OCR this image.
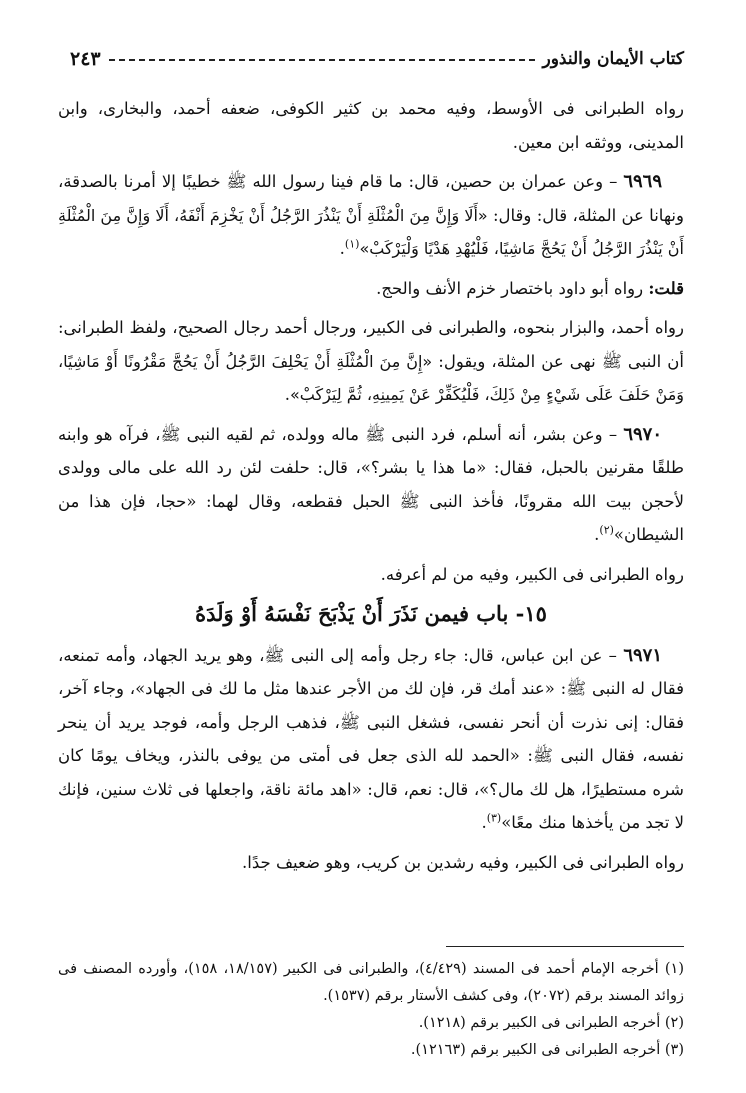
كتاب الأيمان والنذور
٢٤٣

رواه الطبرانى فى الأوسط، وفيه محمد بن كثير الكوفى، ضعفه أحمد، والبخارى، وابن المدينى، ووثقه ابن معين.

٦٩٦٩ – وعن عمران بن حصين، قال: ما قام فينا رسول الله ﷺ خطيبًا إلا أمرنا بالصدقة، ونهانا عن المثلة، قال: وقال: «أَلَا وَإِنَّ مِنَ الْمُثْلَةِ أَنْ يَنْذُرَ الرَّجُلُ أَنْ يَخْزِمَ أَنْفَهُ، أَلَا وَإِنَّ مِنَ الْمُثْلَةِ أَنْ يَنْذُرَ الرَّجُلُ أَنْ يَحُجَّ مَاشِيًا، فَلْيُهْدِ هَدْيًا وَلْيَرْكَبْ»$^{(١)}$.

قلت: رواه أبو داود باختصار خزم الأنف والحج.

رواه أحمد، والبزار بنحوه، والطبرانى فى الكبير، ورجال أحمد رجال الصحيح، ولفظ الطبرانى: أن النبى ﷺ نهى عن المثلة، ويقول: «إِنَّ مِنَ الْمُثْلَةِ أَنْ يَحْلِفَ الرَّجُلُ أَنْ يَحُجَّ مَقْرُونًا أَوْ مَاشِيًا، وَمَنْ حَلَفَ عَلَى شَيْءٍ مِنْ ذَلِكَ، فَلْيُكَفِّرْ عَنْ يَمِينِهِ، ثُمَّ لِيَرْكَبْ».

٦٩٧٠ – وعن بشر، أنه أسلم، فرد النبى ﷺ ماله وولده، ثم لقيه النبى ﷺ، فرآه هو وابنه طلقًا مقرنين بالحبل، فقال: «ما هذا يا بشر؟»، قال: حلفت لئن رد الله على مالى وولدى لأحجن بيت الله مقرونًا، فأخذ النبى ﷺ الحبل فقطعه، وقال لهما: «حجا، فإن هذا من الشيطان»$^{(٢)}$.

رواه الطبرانى فى الكبير، وفيه من لم أعرفه.

١٥- باب فيمن نَذَرَ أَنْ يَذْبَحَ نَفْسَهُ أَوْ وَلَدَهُ

٦٩٧١ – عن ابن عباس، قال: جاء رجل وأمه إلى النبى ﷺ، وهو يريد الجهاد، وأمه تمنعه، فقال له النبى ﷺ: «عند أمك قر، فإن لك من الأجر عندها مثل ما لك فى الجهاد»، وجاء آخر، فقال: إنى نذرت أن أنحر نفسى، فشغل النبى ﷺ، فذهب الرجل وأمه، فوجد يريد أن ينحر نفسه، فقال النبى ﷺ: «الحمد لله الذى جعل فى أمتى من يوفى بالنذر، ويخاف يومًا كان شره مستطيرًا، هل لك مال؟»، قال: نعم، قال: «اهد مائة ناقة، واجعلها فى ثلاث سنين، فإنك لا تجد من يأخذها منك معًا»$^{(٣)}$.

رواه الطبرانى فى الكبير، وفيه رشدين بن كريب، وهو ضعيف جدًا.

(١) أخرجه الإمام أحمد فى المسند (٤/٤٢٩)، والطبرانى فى الكبير (١٨/١٥٧، ١٥٨)، وأورده المصنف فى زوائد المسند برقم (٢٠٧٢)، وفى كشف الأستار برقم (١٥٣٧).

(٢) أخرجه الطبرانى فى الكبير برقم (١٢١٨).

(٣) أخرجه الطبرانى فى الكبير برقم (١٢١٦٣).
